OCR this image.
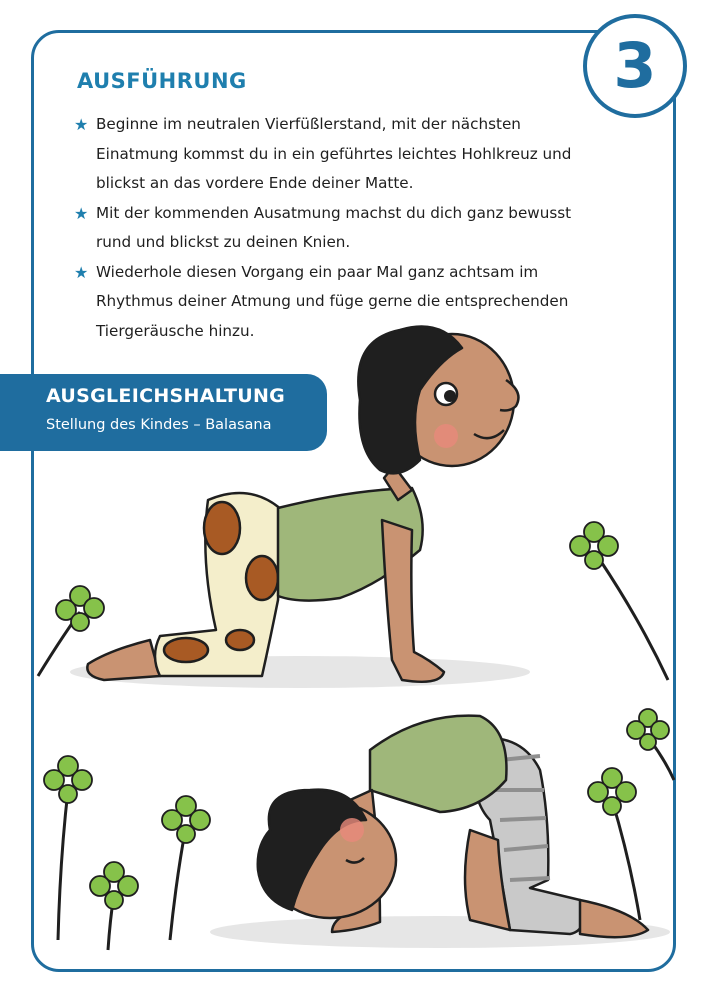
3
AUSFÜHRUNG
★ Beginne im neutralen Vierfüßlerstand, mit der nächsten Einatmung kommst du in ein geführtes leichtes Hohlkreuz und blickst an das vordere Ende deiner Matte.
★ Mit der kommenden Ausatmung machst du dich ganz bewusst rund und blickst zu deinen Knien.
★ Wiederhole diesen Vorgang ein paar Mal ganz achtsam im Rhythmus deiner Atmung und füge gerne die entsprechenden Tiergeräusche hinzu.
AUSGLEICHSHALTUNG
Stellung des Kindes – Balasana
